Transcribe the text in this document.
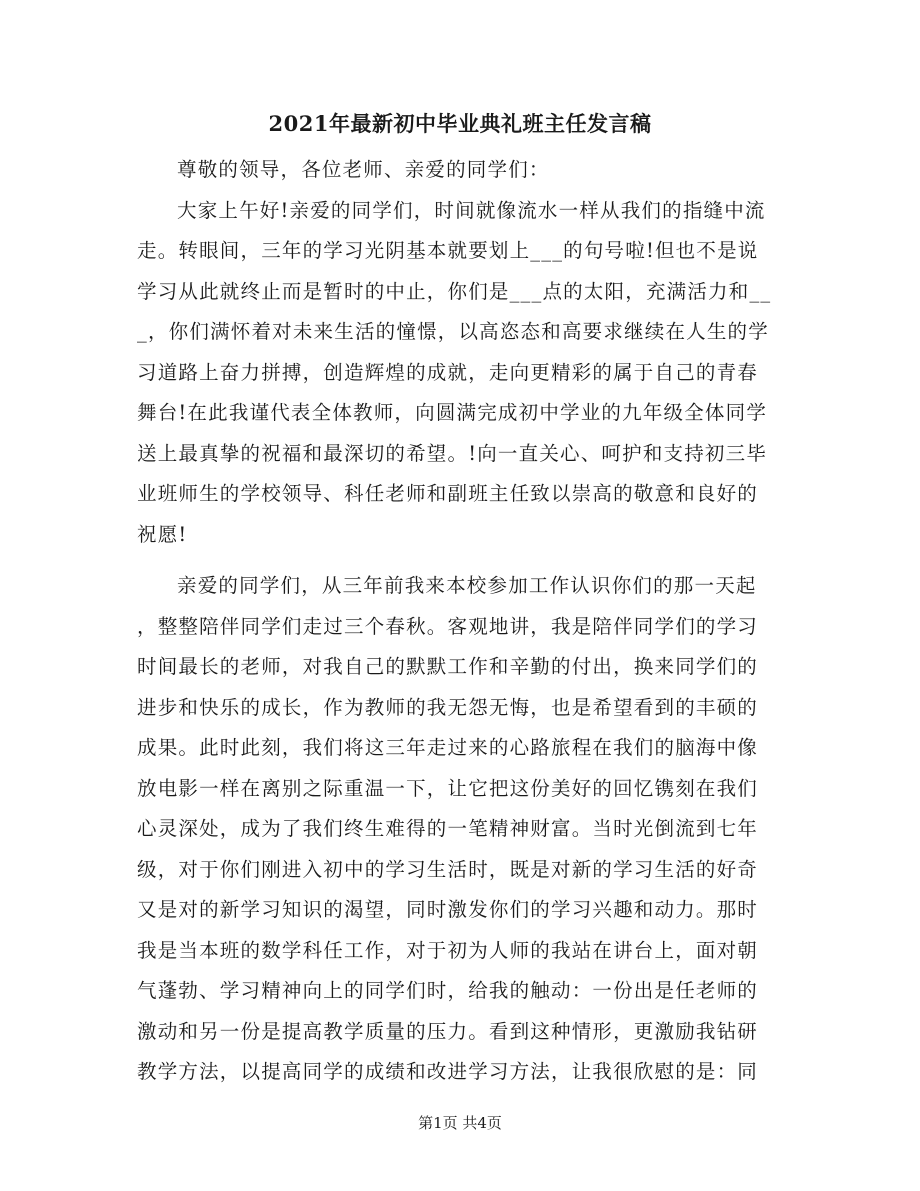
2021年最新初中毕业典礼班主任发言稿
尊敬的领导，各位老师、亲爱的同学们：
大家上午好!亲爱的同学们，时间就像流水一样从我们的指缝中流
走。转眼间，三年的学习光阴基本就要划上___的句号啦!但也不是说
学习从此就终止而是暂时的中止，你们是___点的太阳，充满活力和__
_，你们满怀着对未来生活的憧憬，以高恣态和高要求继续在人生的学
习道路上奋力拼搏，创造辉煌的成就，走向更精彩的属于自己的青春
舞台!在此我谨代表全体教师，向圆满完成初中学业的九年级全体同学
送上最真挚的祝福和最深切的希望。!向一直关心、呵护和支持初三毕
业班师生的学校领导、科任老师和副班主任致以崇高的敬意和良好的
祝愿!
亲爱的同学们，从三年前我来本校参加工作认识你们的那一天起
，整整陪伴同学们走过三个春秋。客观地讲，我是陪伴同学们的学习
时间最长的老师，对我自己的默默工作和辛勤的付出，换来同学们的
进步和快乐的成长，作为教师的我无怨无悔，也是希望看到的丰硕的
成果。此时此刻，我们将这三年走过来的心路旅程在我们的脑海中像
放电影一样在离别之际重温一下，让它把这份美好的回忆镌刻在我们
心灵深处，成为了我们终生难得的一笔精神财富。当时光倒流到七年
级，对于你们刚进入初中的学习生活时，既是对新的学习生活的好奇
又是对的新学习知识的渴望，同时激发你们的学习兴趣和动力。那时
我是当本班的数学科任工作，对于初为人师的我站在讲台上，面对朝
气蓬勃、学习精神向上的同学们时，给我的触动：一份出是任老师的
激动和另一份是提高教学质量的压力。看到这种情形，更激励我钻研
教学方法，以提高同学的成绩和改进学习方法，让我很欣慰的是：同
第1页 共4页
